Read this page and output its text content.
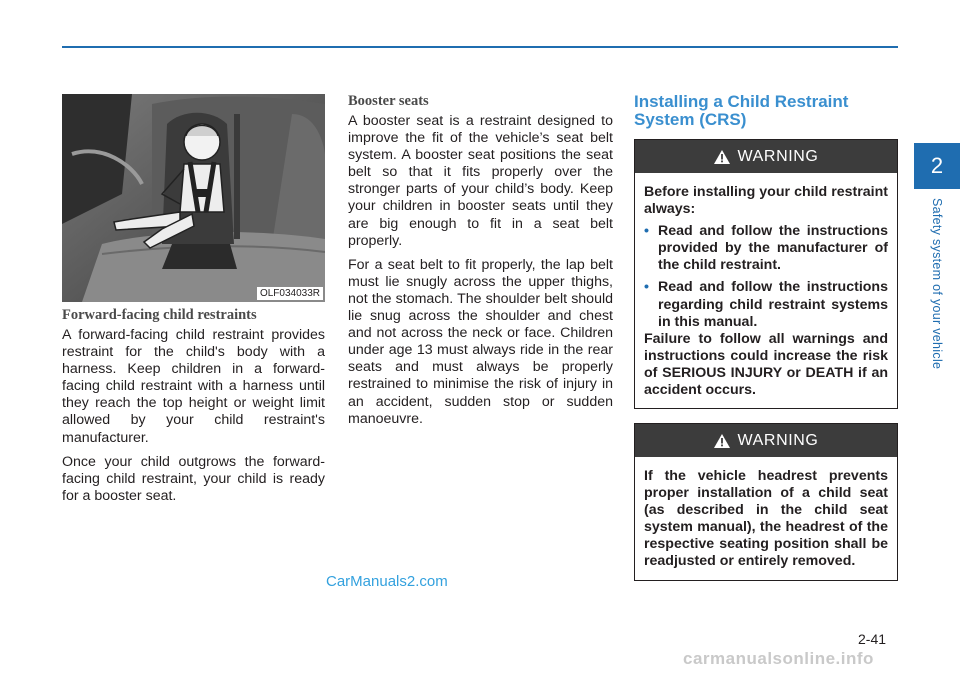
2
Safety system of your vehicle
OLF034033R
Forward-facing child restraints

A forward-facing child restraint provides restraint for the child's body with a harness. Keep children in a forward-facing child restraint with a harness until they reach the top height or weight limit allowed by your child restraint's manufacturer.

Once your child outgrows the forward-facing child restraint, your child is ready for a booster seat.

Booster seats

A booster seat is a restraint designed to improve the fit of the vehicle’s seat belt system. A booster seat positions the seat belt so that it fits properly over the stronger parts of your child’s body. Keep your children in booster seats until they are big enough to fit in a seat belt properly.

For a seat belt to fit properly, the lap belt must lie snugly across the upper thighs, not the stomach. The shoulder belt should lie snug across the shoulder and chest and not across the neck or face. Children under age 13 must always ride in the rear seats and must always be properly restrained to minimise the risk of injury in an accident, sudden stop or sudden manoeuvre.

Installing a Child Restraint System (CRS)
WARNING

Before installing your child restraint always:

• Read and follow the instructions provided by the manufacturer of the child restraint.
• Read and follow the instructions regarding child restraint systems in this manual.

Failure to follow all warnings and instructions could increase the risk of SERIOUS INJURY or DEATH if an accident occurs.

WARNING

If the vehicle headrest prevents proper installation of a child seat (as described in the child seat system manual), the headrest of the respective seating position shall be readjusted or entirely removed.

2-41
CarManuals2.com
carmanualsonline.info
